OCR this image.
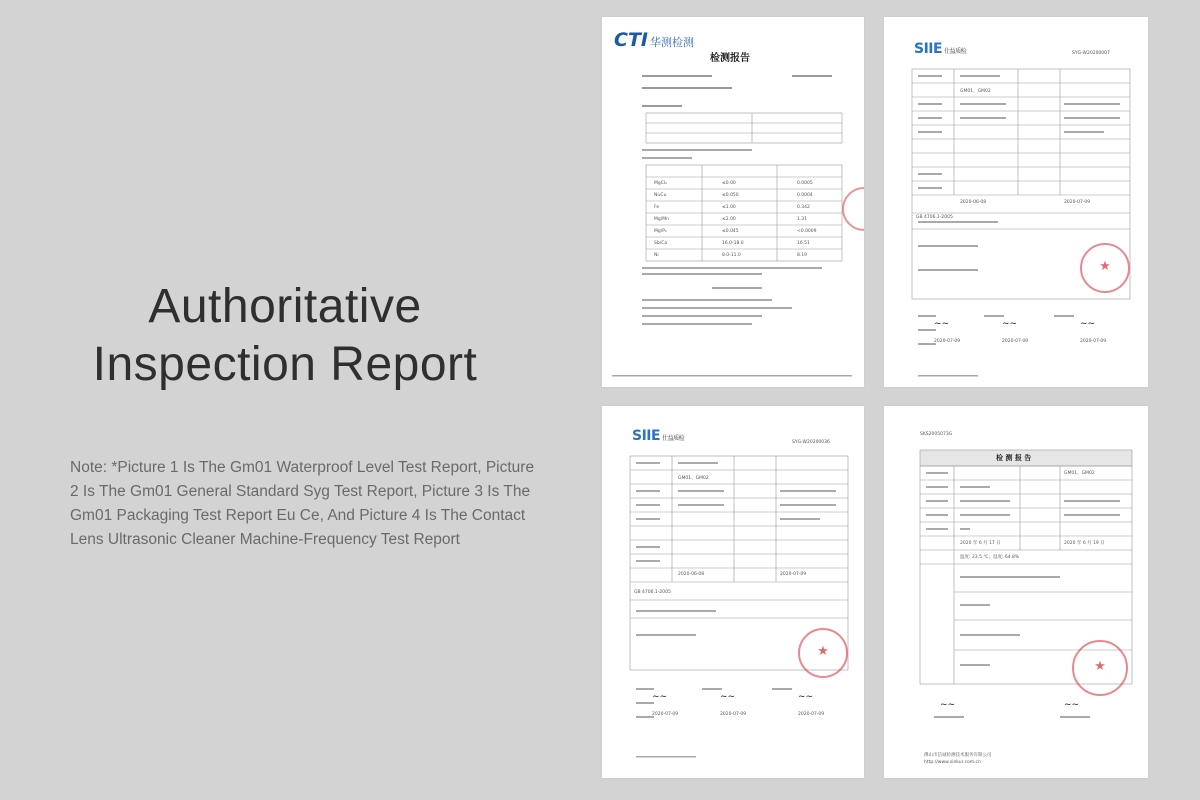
Authoritative
Inspection Report
Note: *Picture 1 Is The Gm01 Waterproof Level Test Report, Picture 2 Is The Gm01 General Standard Syg Test Report, Picture 3 Is The Gm01 Packaging Test Report Eu Ce, And Picture 4 Is The Contact Lens Ultrasonic Cleaner Machine-Frequency Test Report
CTI 华测检测
检测报告
MgCl₂	≤0.00	0.0005
Ni₂Cu	≤0.050	0.0004
Fe	≤1.00	0.342
Mg/Mn	≤2.00	1.31
Mg/P₂	≤0.045	<0.0009
Sb/Ca	16.0-18.0	16.51
Ni	8.0-11.0	8.19
SIIE 仕益质检	SYG-W20200007
GM01、GM02
2020-06-08	2020-07-09
GB 4706.1-2005
★
~~	~~	~~
2020-07-09	2020-07-09	2020-07-09
SIIE 仕益质检
SYG-W20200036
GM01、GM02
2020-06-08	2020-07-09
GB 4706.1-2005
★
~~	~~	~~
2020-07-09	2020-07-09	2020-07-09
SKS2005073G
检 测 报 告
GM01、GM02
2020 年 6 月 17 日	2020 年 6 月 19 日
温度: 23.5 ℃；湿度: 64.8%
★
~~	~~
佛山市信诚检测技术服务有限公司
http://www.sinkur.com.cn
